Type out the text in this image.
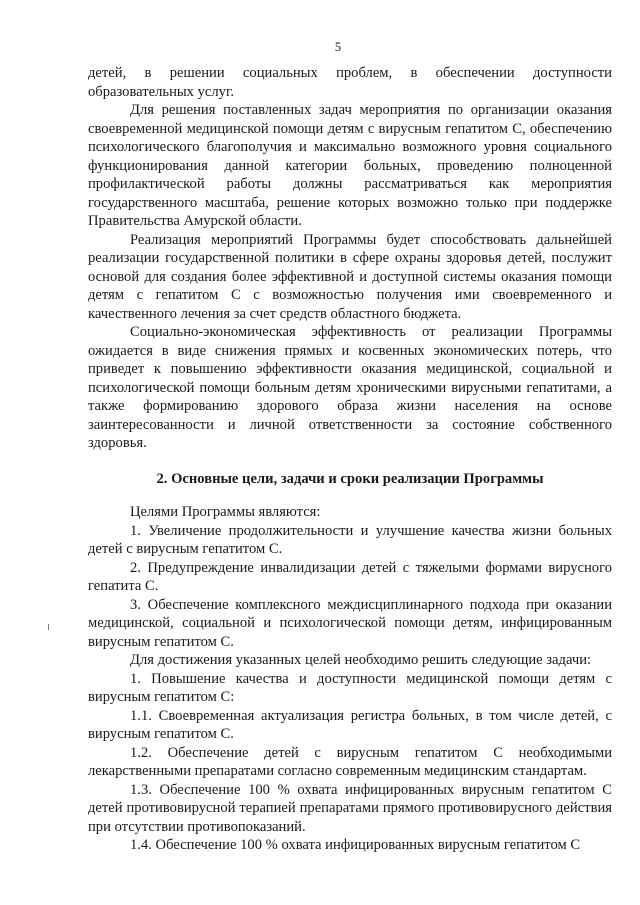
5

детей, в решении социальных проблем, в обеспечении доступности образовательных услуг.

Для решения поставленных задач мероприятия по организации оказания своевременной медицинской помощи детям с вирусным гепатитом С, обеспечению психологического благополучия и максимально возможного уровня социального функционирования данной категории больных, проведению полноценной профилактической работы должны рассматриваться как мероприятия государственного масштаба, решение которых возможно только при поддержке Правительства Амурской области.

Реализация мероприятий Программы будет способствовать дальнейшей реализации государственной политики в сфере охраны здоровья детей, послужит основой для создания более эффективной и доступной системы оказания помощи детям с гепатитом С с возможностью получения ими своевременного и качественного лечения за счет средств областного бюджета.

Социально-экономическая эффективность от реализации Программы ожидается в виде снижения прямых и косвенных экономических потерь, что приведет к повышению эффективности оказания медицинской, социальной и психологической помощи больным детям хроническими вирусными гепатитами, а также формированию здорового образа жизни населения на основе заинтересованности и личной ответственности за состояние собственного здоровья.

2. Основные цели, задачи и сроки реализации Программы

Целями Программы являются:

1. Увеличение продолжительности и улучшение качества жизни больных детей с вирусным гепатитом С.

2. Предупреждение инвалидизации детей с тяжелыми формами вирусного гепатита С.

3. Обеспечение комплексного междисциплинарного подхода при оказании медицинской, социальной и психологической помощи детям, инфицированным вирусным гепатитом С.

Для достижения указанных целей необходимо решить следующие задачи:

1. Повышение качества и доступности медицинской помощи детям с вирусным гепатитом С:

1.1. Своевременная актуализация регистра больных, в том числе детей, с вирусным гепатитом С.

1.2. Обеспечение детей с вирусным гепатитом С необходимыми лекарственными препаратами согласно современным медицинским стандартам.

1.3. Обеспечение 100 % охвата инфицированных вирусным гепатитом С детей противовирусной терапией препаратами прямого противовирусного действия при отсутствии противопоказаний.

1.4. Обеспечение 100 % охвата инфицированных вирусным гепатитом С
